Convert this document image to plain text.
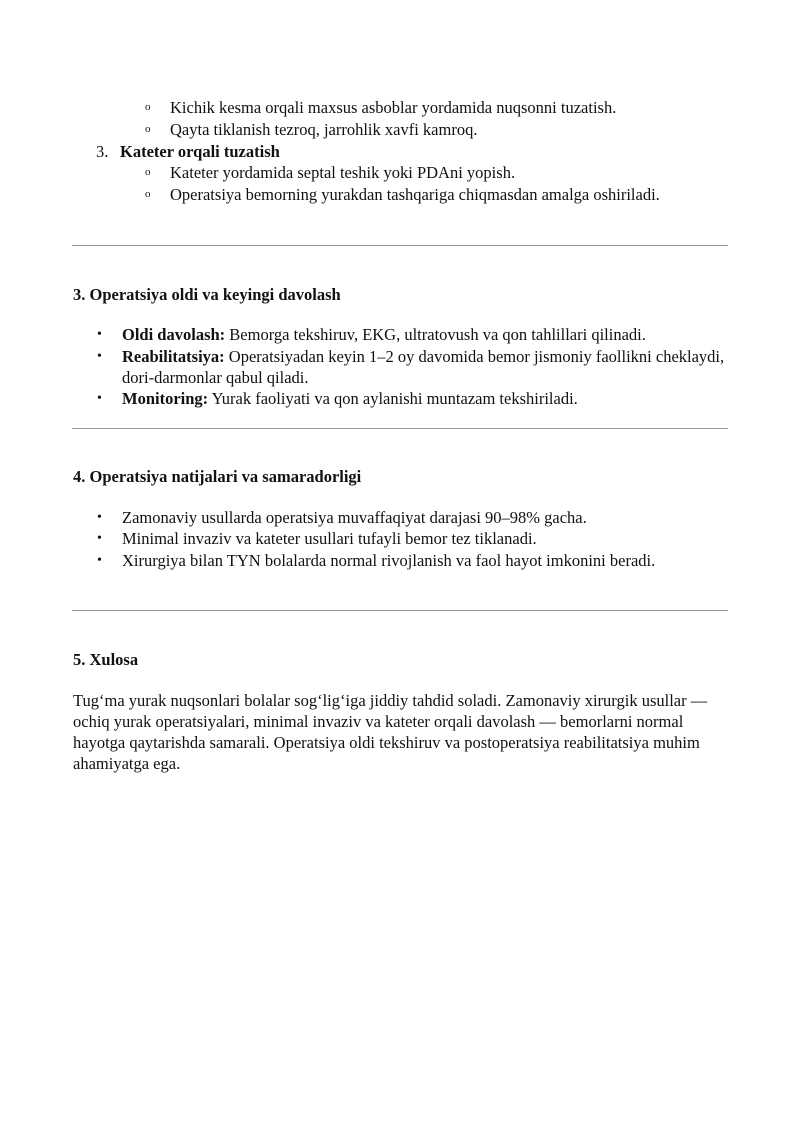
o Kichik kesma orqali maxsus asboblar yordamida nuqsonni tuzatish.
o Qayta tiklanish tezroq, jarrohlik xavfi kamroq.
3. Kateter orqali tuzatish
o Kateter yordamida septal teshik yoki PDAni yopish.
o Operatsiya bemorning yurakdan tashqariga chiqmasdan amalga oshiriladi.
3. Operatsiya oldi va keyingi davolash
• Oldi davolash: Bemorga tekshiruv, EKG, ultratovush va qon tahlillari qilinadi.
• Reabilitatsiya: Operatsiyadan keyin 1–2 oy davomida bemor jismoniy faollikni cheklaydi, dori-darmonlar qabul qiladi.
• Monitoring: Yurak faoliyati va qon aylanishi muntazam tekshiriladi.
4. Operatsiya natijalari va samaradorligi
• Zamonaviy usullarda operatsiya muvaffaqiyat darajasi 90–98% gacha.
• Minimal invaziv va kateter usullari tufayli bemor tez tiklanadi.
• Xirurgiya bilan TYN bolalarda normal rivojlanish va faol hayot imkonini beradi.
5. Xulosa
Tug‘ma yurak nuqsonlari bolalar sog‘lig‘iga jiddiy tahdid soladi. Zamonaviy xirurgik usullar — ochiq yurak operatsiyalari, minimal invaziv va kateter orqali davolash — bemorlarni normal hayotga qaytarishda samarali. Operatsiya oldi tekshiruv va postoperatsiya reabilitatsiya muhim ahamiyatga ega.
